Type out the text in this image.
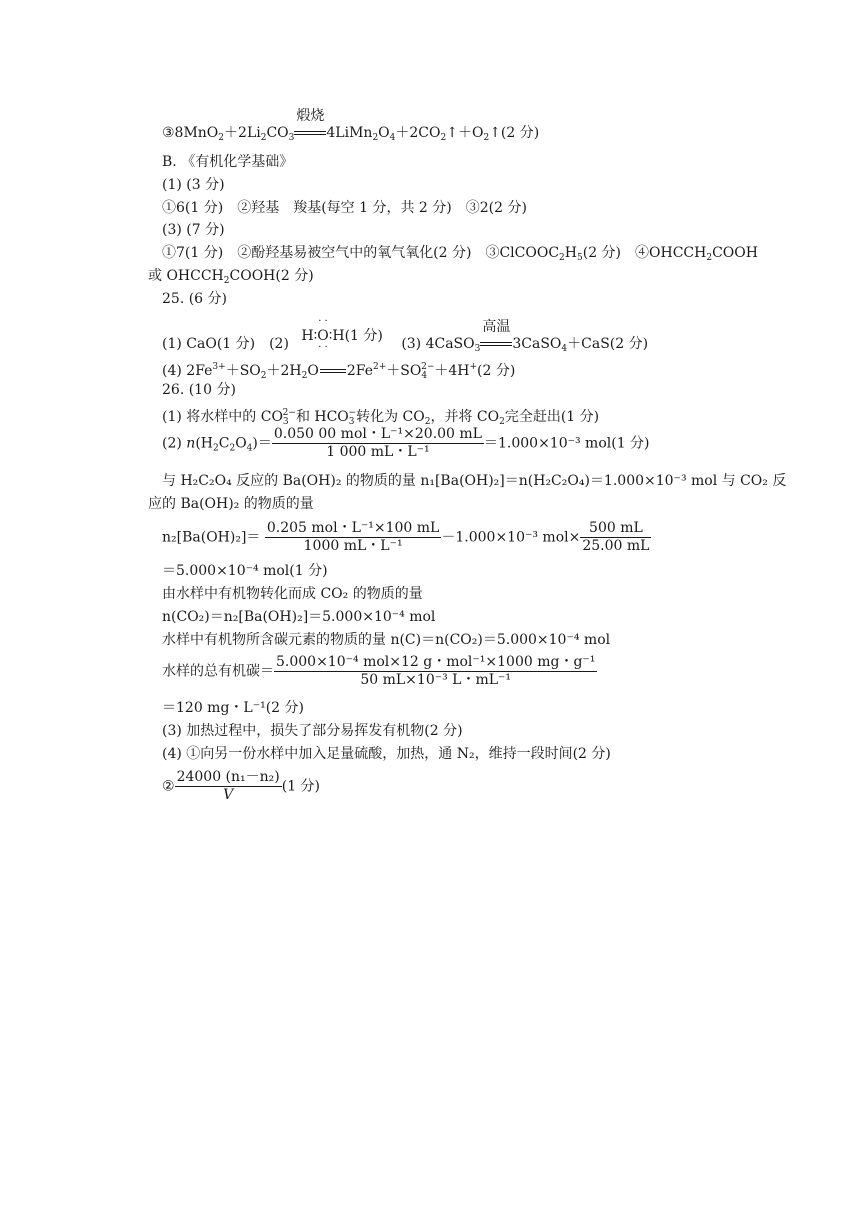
$③8MnO_2+2Li_2CO_3$
煅烧
$4LiMn_2O_4+2CO_2↑+O_2↑(2$ 分)
B. 《有机化学基础》
(1) (3 分)
①6(1 分)　②羟基　羧基(每空 1 分，共 2 分)　③2(2 分)
(3) (7 分)
①7(1 分)　②酚羟基易被空气中的氧气氧化(2 分)　$③ClCOOC_2H_5(2$ 分)　$④OHCCH_2COOH$
或 $OHCCH_2COOH(2$ 分)
25. (6 分)
(1) CaO(1 分)　(2)
· ·
H∶O∶H
· ·
(1 分) (3) 4CaSO$_3$
高温
3CaSO$_4$＋CaS(2 分)
(4) $2Fe^{3+}+SO_2+2H_2O$ $2Fe^{2+}+SO_4^{2-}+4H^+(2$ 分)
26. (10 分)
(1) 将水样中的 $CO_3^{2-}$和 $HCO_3^-$转化为 $CO_2$，并将 $CO_2$完全赶出(1 分)
(2) $n(H_2C_2O_4)= \frac{\text{0.050 00 mol・L⁻¹×20.00 mL}}{\text{1 000 mL・L⁻¹}} =1.000\times 10^{-3}$ mol(1 分)
与 H₂C₂O₄ 反应的 Ba(OH)₂ 的物质的量 n₁[Ba(OH)₂]＝n(H₂C₂O₄)＝1.000×10⁻³ mol 与 CO₂ 反
应的 Ba(OH)₂ 的物质的量
$n_2[Ba(OH)_2]= \frac{\text{0.205 mol・L⁻¹×100 mL}}{\text{1000 mL・L⁻¹}} -1.000\times 10^{-3}$ $mol\times \frac{500 mL}{25.00 mL}$
＝5.000×10⁻⁴ mol(1 分)
由水样中有机物转化而成 CO₂ 的物质的量
n(CO₂)＝n₂[Ba(OH)₂]＝5.000×10⁻⁴ mol
水样中有机物所含碳元素的物质的量 n(C)＝n(CO₂)＝5.000×10⁻⁴ mol
水样的总有机碳＝ $\frac{\text{5.000×10⁻⁴ mol×12 g・mol⁻¹×1000 mg・g⁻¹}}{\text{50 mL×10⁻³ L・mL⁻¹}}$
＝120 mg・L⁻¹(2 分)
(3) 加热过程中，损失了部分易挥发有机物(2 分)
(4) ①向另一份水样中加入足量硫酸，加热，通 N₂，维持一段时间(2 分)
② $\frac{\text{24000 (n₁－n₂)}}{V} (1$ 分)
